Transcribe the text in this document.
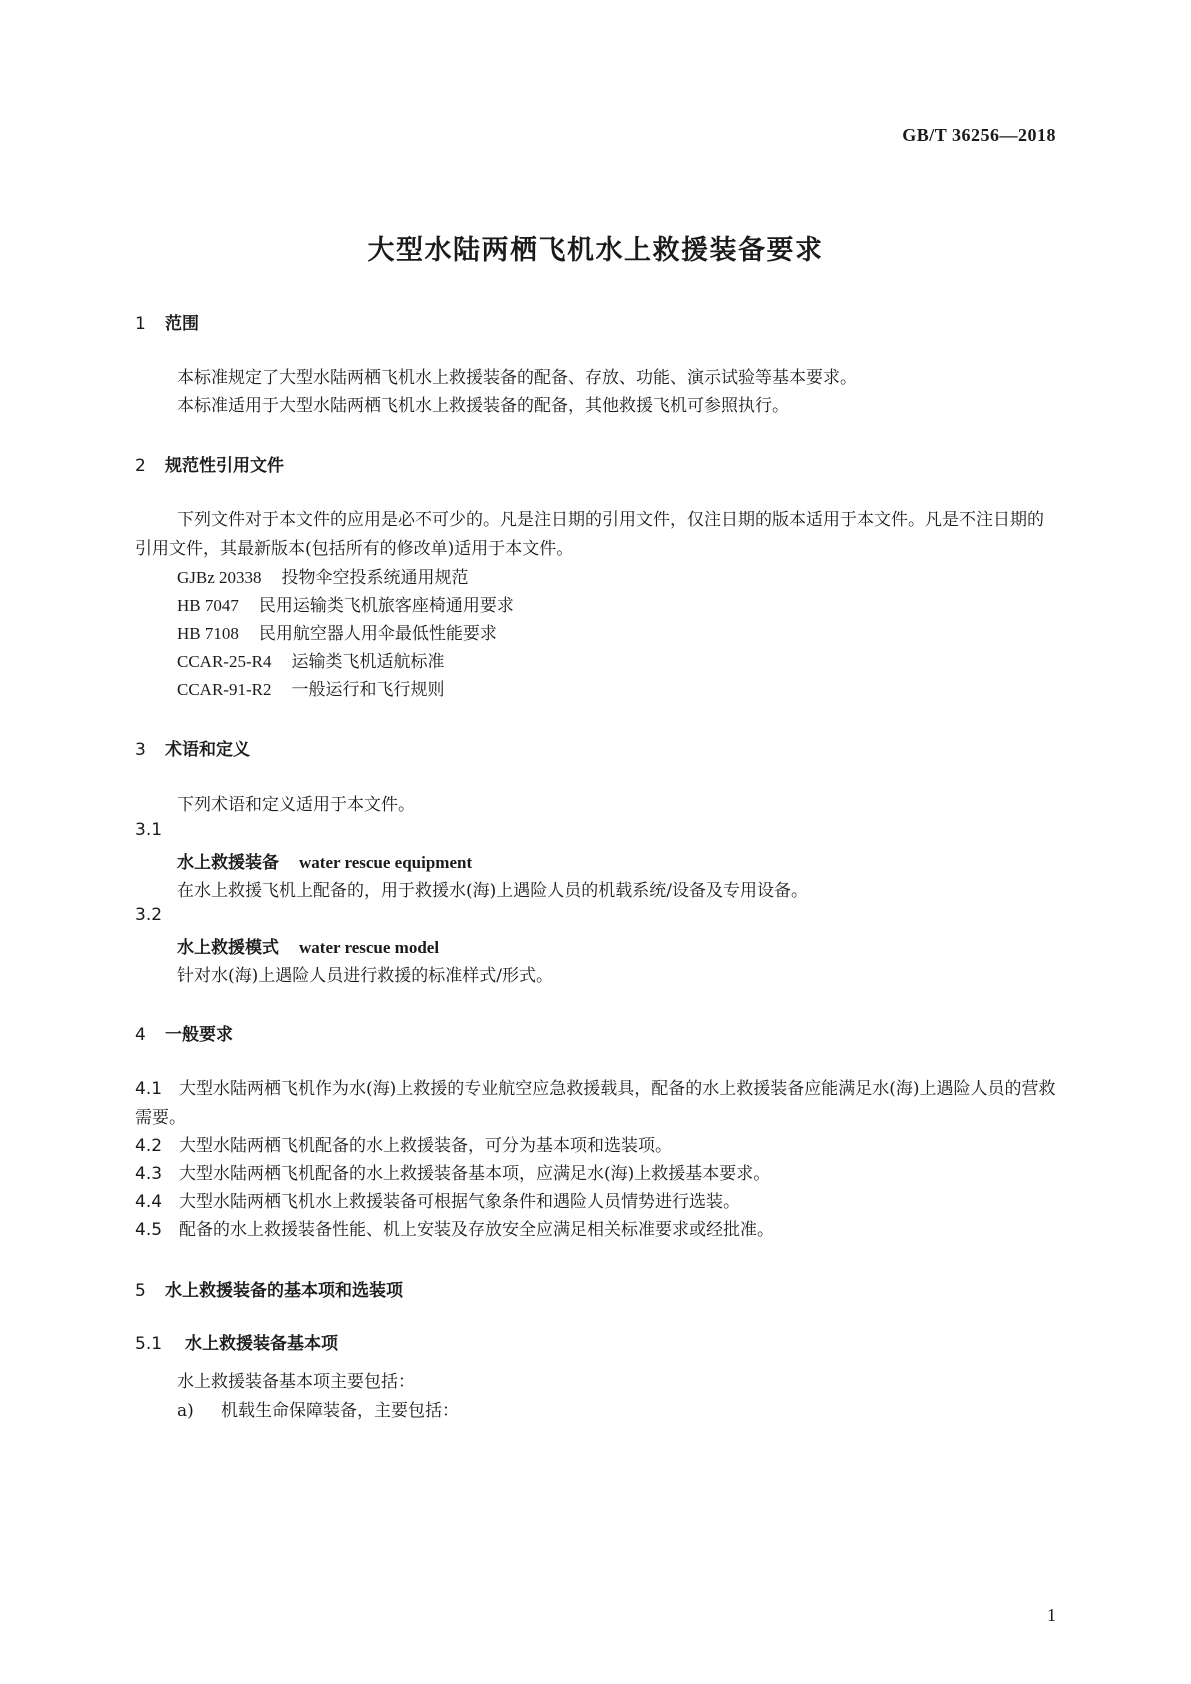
GB/T 36256—2018
大型水陆两栖飞机水上救援装备要求
1 范围
本标准规定了大型水陆两栖飞机水上救援装备的配备、存放、功能、演示试验等基本要求。
本标准适用于大型水陆两栖飞机水上救援装备的配备，其他救援飞机可参照执行。
2 规范性引用文件
下列文件对于本文件的应用是必不可少的。凡是注日期的引用文件，仅注日期的版本适用于本文件。凡是不注日期的引用文件，其最新版本(包括所有的修改单)适用于本文件。
GJBz 20338 投物伞空投系统通用规范
HB 7047 民用运输类飞机旅客座椅通用要求
HB 7108 民用航空器人用伞最低性能要求
CCAR-25-R4 运输类飞机适航标准
CCAR-91-R2 一般运行和飞行规则
3 术语和定义
下列术语和定义适用于本文件。
3.1
水上救援装备 water rescue equipment
在水上救援飞机上配备的，用于救援水(海)上遇险人员的机载系统/设备及专用设备。
3.2
水上救援模式 water rescue model
针对水(海)上遇险人员进行救援的标准样式/形式。
4 一般要求
4.1 大型水陆两栖飞机作为水(海)上救援的专业航空应急救援载具，配备的水上救援装备应能满足水(海)上遇险人员的营救需要。
4.2 大型水陆两栖飞机配备的水上救援装备，可分为基本项和选装项。
4.3 大型水陆两栖飞机配备的水上救援装备基本项，应满足水(海)上救援基本要求。
4.4 大型水陆两栖飞机水上救援装备可根据气象条件和遇险人员情势进行选装。
4.5 配备的水上救援装备性能、机上安装及存放安全应满足相关标准要求或经批准。
5 水上救援装备的基本项和选装项
5.1 水上救援装备基本项
水上救援装备基本项主要包括：
a) 机载生命保障装备，主要包括：
1
